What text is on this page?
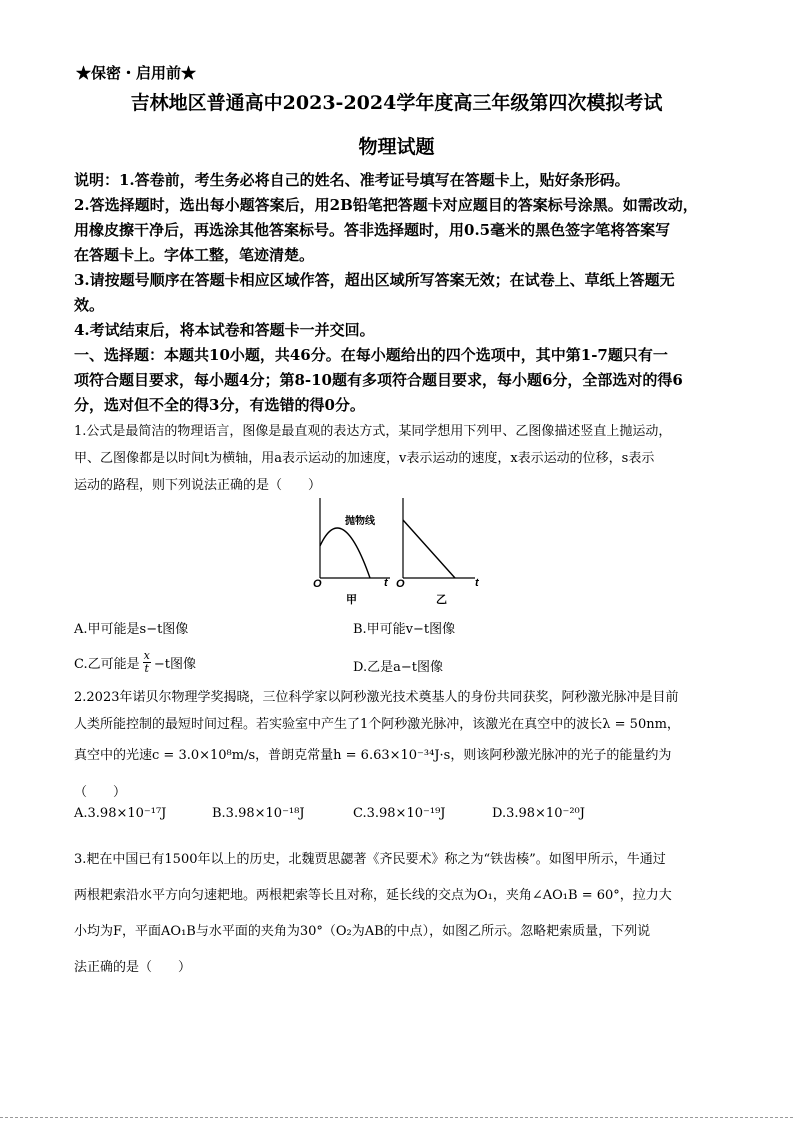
★保密・启用前★
吉林地区普通高中2023-2024学年度高三年级第四次模拟考试
物理试题

说明：1.答卷前，考生务必将自己的姓名、准考证号填写在答题卡上，贴好条形码。

2.答选择题时，选出每小题答案后，用2B铅笔把答题卡对应题目的答案标号涂黑。如需改动，

用橡皮擦干净后，再选涂其他答案标号。答非选择题时，用0.5毫米的黑色签字笔将答案写

在答题卡上。字体工整，笔迹清楚。

3.请按题号顺序在答题卡相应区域作答，超出区域所写答案无效；在试卷上、草纸上答题无

效。

4.考试结束后，将本试卷和答题卡一并交回。

一、选择题：本题共10小题，共46分。在每小题给出的四个选项中，其中第1-7题只有一

项符合题目要求，每小题4分；第8-10题有多项符合题目要求，每小题6分，全部选对的得6

分，选对但不全的得3分，有选错的得0分。

1.公式是最简洁的物理语言，图像是最直观的表达方式，某同学想用下列甲、乙图像描述竖直上抛运动，

甲、乙图像都是以时间t为横轴，用a表示运动的加速度，v表示运动的速度，x表示运动的位移，s表示

运动的路程，则下列说法正确的是（　　）

抛物线
O	t
甲
O	t
乙
A.甲可能是s−t图像	B.甲可能v−t图像
C.乙可能是 $\frac{x}{t} -t$图像	D.乙是a−t图像

2.2023年诺贝尔物理学奖揭晓，三位科学家以阿秒激光技术奠基人的身份共同获奖，阿秒激光脉冲是目前

人类所能控制的最短时间过程。若实验室中产生了1个阿秒激光脉冲，该激光在真空中的波长λ = 50nm，

真空中的光速c = 3.0×10⁸m/s，普朗克常量h = 6.63×10⁻³⁴J·s，则该阿秒激光脉冲的光子的能量约为

（　　）

A.3.98×10⁻¹⁷J	B.3.98×10⁻¹⁸J	C.3.98×10⁻¹⁹J	D.3.98×10⁻²⁰J

3.耙在中国已有1500年以上的历史，北魏贾思勰著《齐民要术》称之为“铁齿楱”。如图甲所示，牛通过

两根耙索沿水平方向匀速耙地。两根耙索等长且对称，延长线的交点为O₁，夹角∠AO₁B = 60°，拉力大

小均为F，平面AO₁B与水平面的夹角为30°（O₂为AB的中点），如图乙所示。忽略耙索质量，下列说

法正确的是（　　）
